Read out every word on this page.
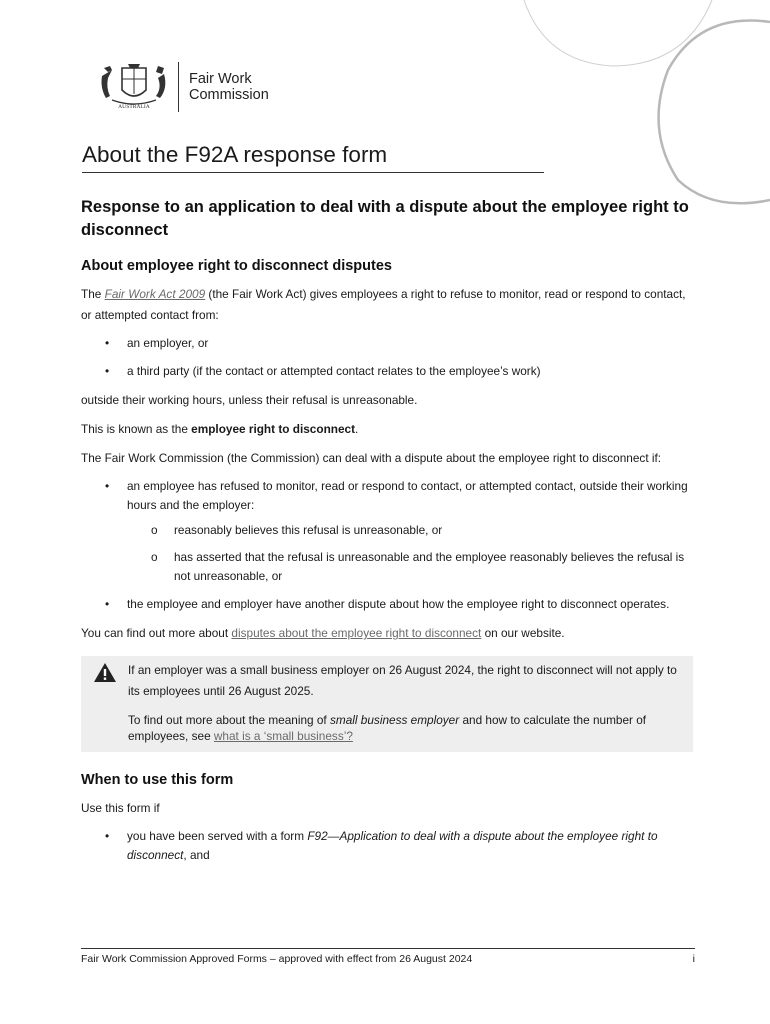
AUSTRALIA
Fair Work
Commission
About the F92A response form
Response to an application to deal with a dispute about the employee right to disconnect
About employee right to disconnect disputes

The Fair Work Act 2009 (the Fair Work Act) gives employees a right to refuse to monitor, read or respond to contact, or attempted contact from:

• an employer, or
• a third party (if the contact or attempted contact relates to the employee’s work)

outside their working hours, unless their refusal is unreasonable.

This is known as the employee right to disconnect.

The Fair Work Commission (the Commission) can deal with a dispute about the employee right to disconnect if:

• an employee has refused to monitor, read or respond to contact, or attempted contact, outside their working hours and the employer:
o reasonably believes this refusal is unreasonable, or
o has asserted that the refusal is unreasonable and the employee reasonably believes the refusal is not unreasonable, or
• the employee and employer have another dispute about how the employee right to disconnect operates.

You can find out more about disputes about the employee right to disconnect on our website.

If an employer was a small business employer on 26 August 2024, the right to disconnect will not apply to its employees until 26 August 2025.

To find out more about the meaning of small business employer and how to calculate the number of employees, see what is a ‘small business’?

When to use this form

Use this form if

• you have been served with a form F92—Application to deal with a dispute about the employee right to disconnect, and
Fair Work Commission Approved Forms – approved with effect from 26 August 2024	i
